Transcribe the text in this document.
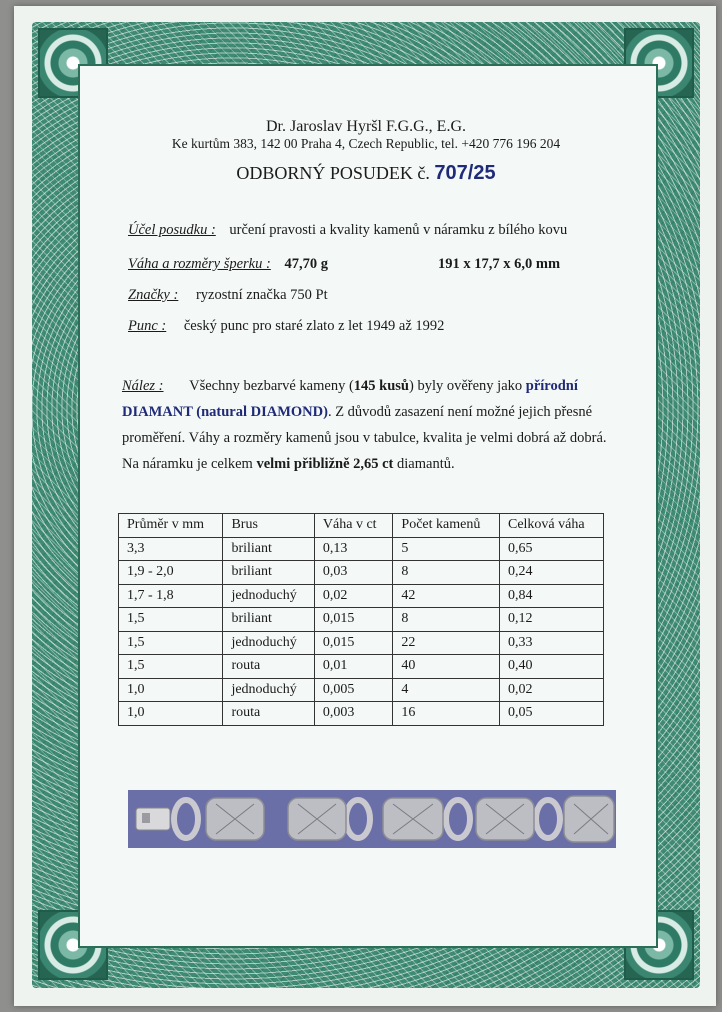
Dr. Jaroslav Hyršl F.G.G., E.G.
Ke kurtům 383, 142 00 Praha 4, Czech Republic, tel. +420 776 196 204
ODBORNÝ POSUDEK č. 707/25
Účel posudku : určení pravosti a kvality kamenů v náramku z bílého kovu
Váha a rozměry šperku : 47,70 g	191 x 17,7 x 6,0 mm
Značky : ryzostní značka 750 Pt
Punc : český punc pro staré zlato z let 1949 až 1992
Nález : Všechny bezbarvé kameny (145 kusů) byly ověřeny jako přírodní
DIAMANT (natural DIAMOND). Z důvodů zasazení není možné jejich přesné
proměření. Váhy a rozměry kamenů jsou v tabulce, kvalita je velmi dobrá až dobrá.
Na náramku je celkem velmi přibližně 2,65 ct diamantů.
Průměr v mm	Brus	Váha v ct	Počet kamenů	Celková váha
3,3	briliant	0,13	5	0,65
1,9 - 2,0	briliant	0,03	8	0,24
1,7 - 1,8	jednoduchý	0,02	42	0,84
1,5	briliant	0,015	8	0,12
1,5	jednoduchý	0,015	22	0,33
1,5	routa	0,01	40	0,40
1,0	jednoduchý	0,005	4	0,02
1,0	routa	0,003	16	0,05
